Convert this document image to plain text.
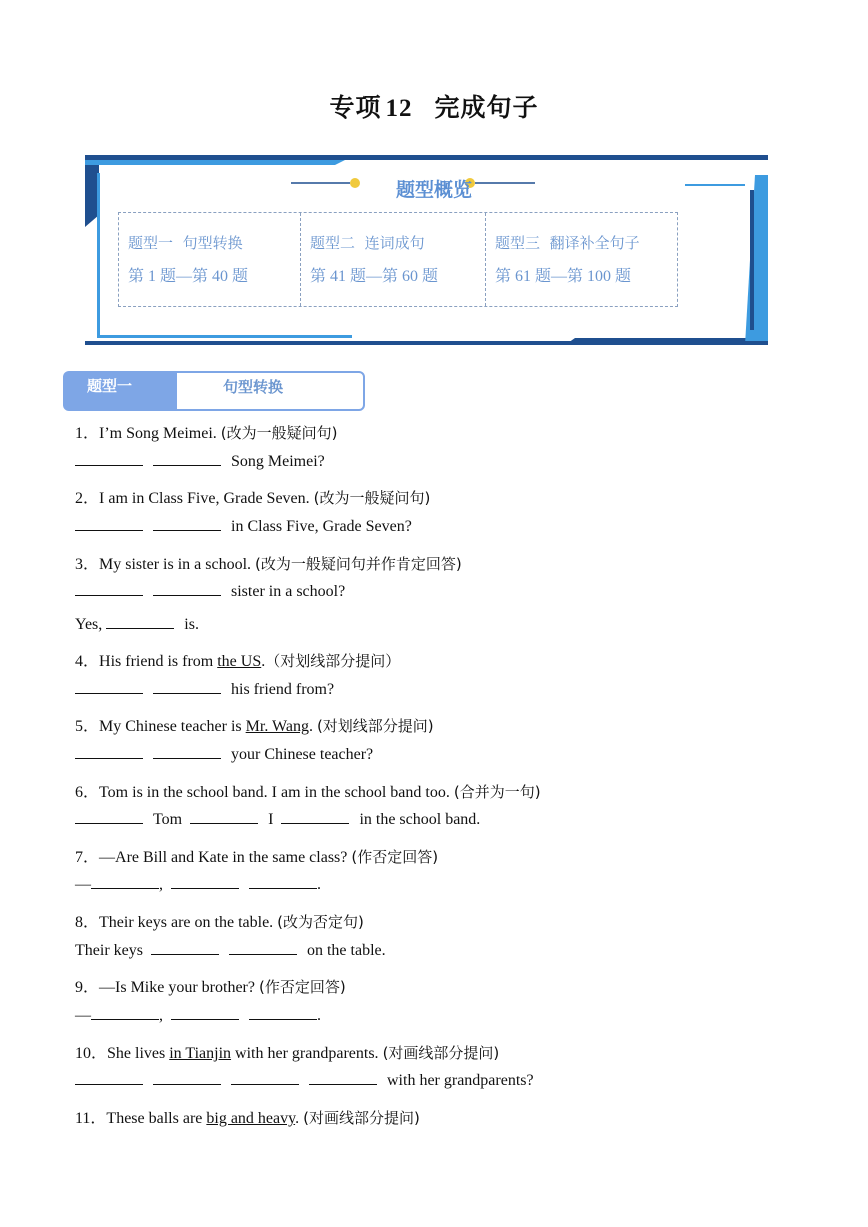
专项 12 完成句子
题型概览
题型一 句型转换
第 1 题—第 40 题
题型二 连词成句
第 41 题—第 60 题
题型三 翻译补全句子
第 61 题—第 100 题
题型一	句型转换
1．I’m Song Meimei. (改为一般疑问句)
Song Meimei?
2．I am in Class Five, Grade Seven. (改为一般疑问句)
in Class Five, Grade Seven?
3．My sister is in a school. (改为一般疑问句并作肯定回答)
sister in a school?
Yes,	is.
4．His friend is from the US.（对划线部分提问）
his friend from?
5．My Chinese teacher is Mr. Wang. (对划线部分提问)
your Chinese teacher?
6．Tom is in the school band. I am in the school band too. (合并为一句)
Tom	I	in the school band.
7．—Are Bill and Kate in the same class? (作否定回答)
—	,	.
8．Their keys are on the table. (改为否定句)
Their keys	on the table.
9．—Is Mike your brother? (作否定回答)
—	,	.
10．She lives in Tianjin with her grandparents. (对画线部分提问)
with her grandparents?
11．These balls are big and heavy. (对画线部分提问)
